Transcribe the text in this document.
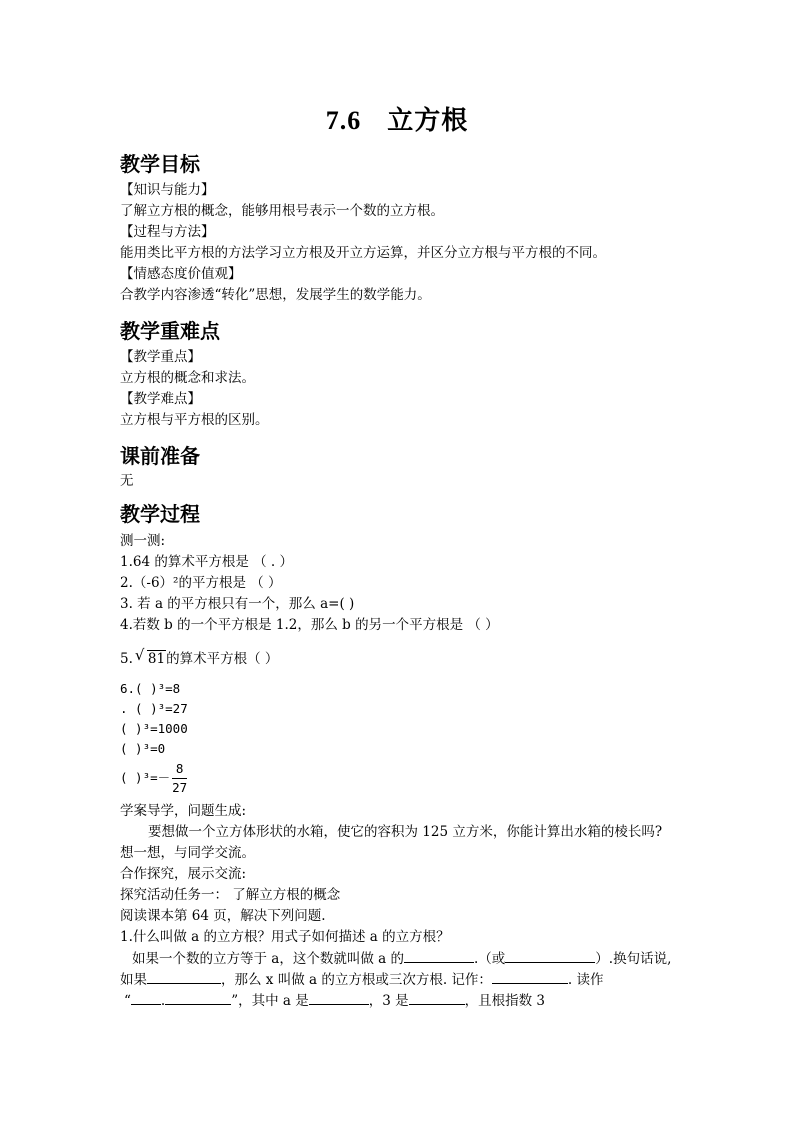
7.6 立方根
教学目标
【知识与能力】
了解立方根的概念，能够用根号表示一个数的立方根。
【过程与方法】
能用类比平方根的方法学习立方根及开立方运算，并区分立方根与平方根的不同。
【情感态度价值观】
合教学内容渗透“转化”思想，发展学生的数学能力。
教学重难点
【教学重点】
立方根的概念和求法。
【教学难点】
立方根与平方根的区别。
课前准备
无
教学过程
测一测:
1.64 的算术平方根是 （ . ）
2.（-6）²的平方根是 （ ）
3. 若 a 的平方根只有一个，那么 a=( )
4.若数 b 的一个平方根是 1.2，那么 b 的另一个平方根是 （ ）
5. √ 81的算术平方根（ ）
6.( )³=8
. ( )³=27
( )³=1000
( )³=0
( )$^3=- \frac{8}{27}$
学案导学，问题生成:
要想做一个立方体形状的水箱，使它的容积为 125 立方米，你能计算出水箱的棱长吗?
想一想，与同学交流。
合作探究，展示交流:
探究活动任务一： 了解立方根的概念
阅读课本第 64 页，解决下列问题.
1.什么叫做 a 的立方根？用式子如何描述 a 的立方根？
如果一个数的立方等于 a，这个数就叫做 a 的	.（或	）.换句话说,
如果	，那么 x 叫做 a 的立方根或三次方根. 记作：	. 读作
“ .	”，其中 a 是	，3 是	，且根指数 3
